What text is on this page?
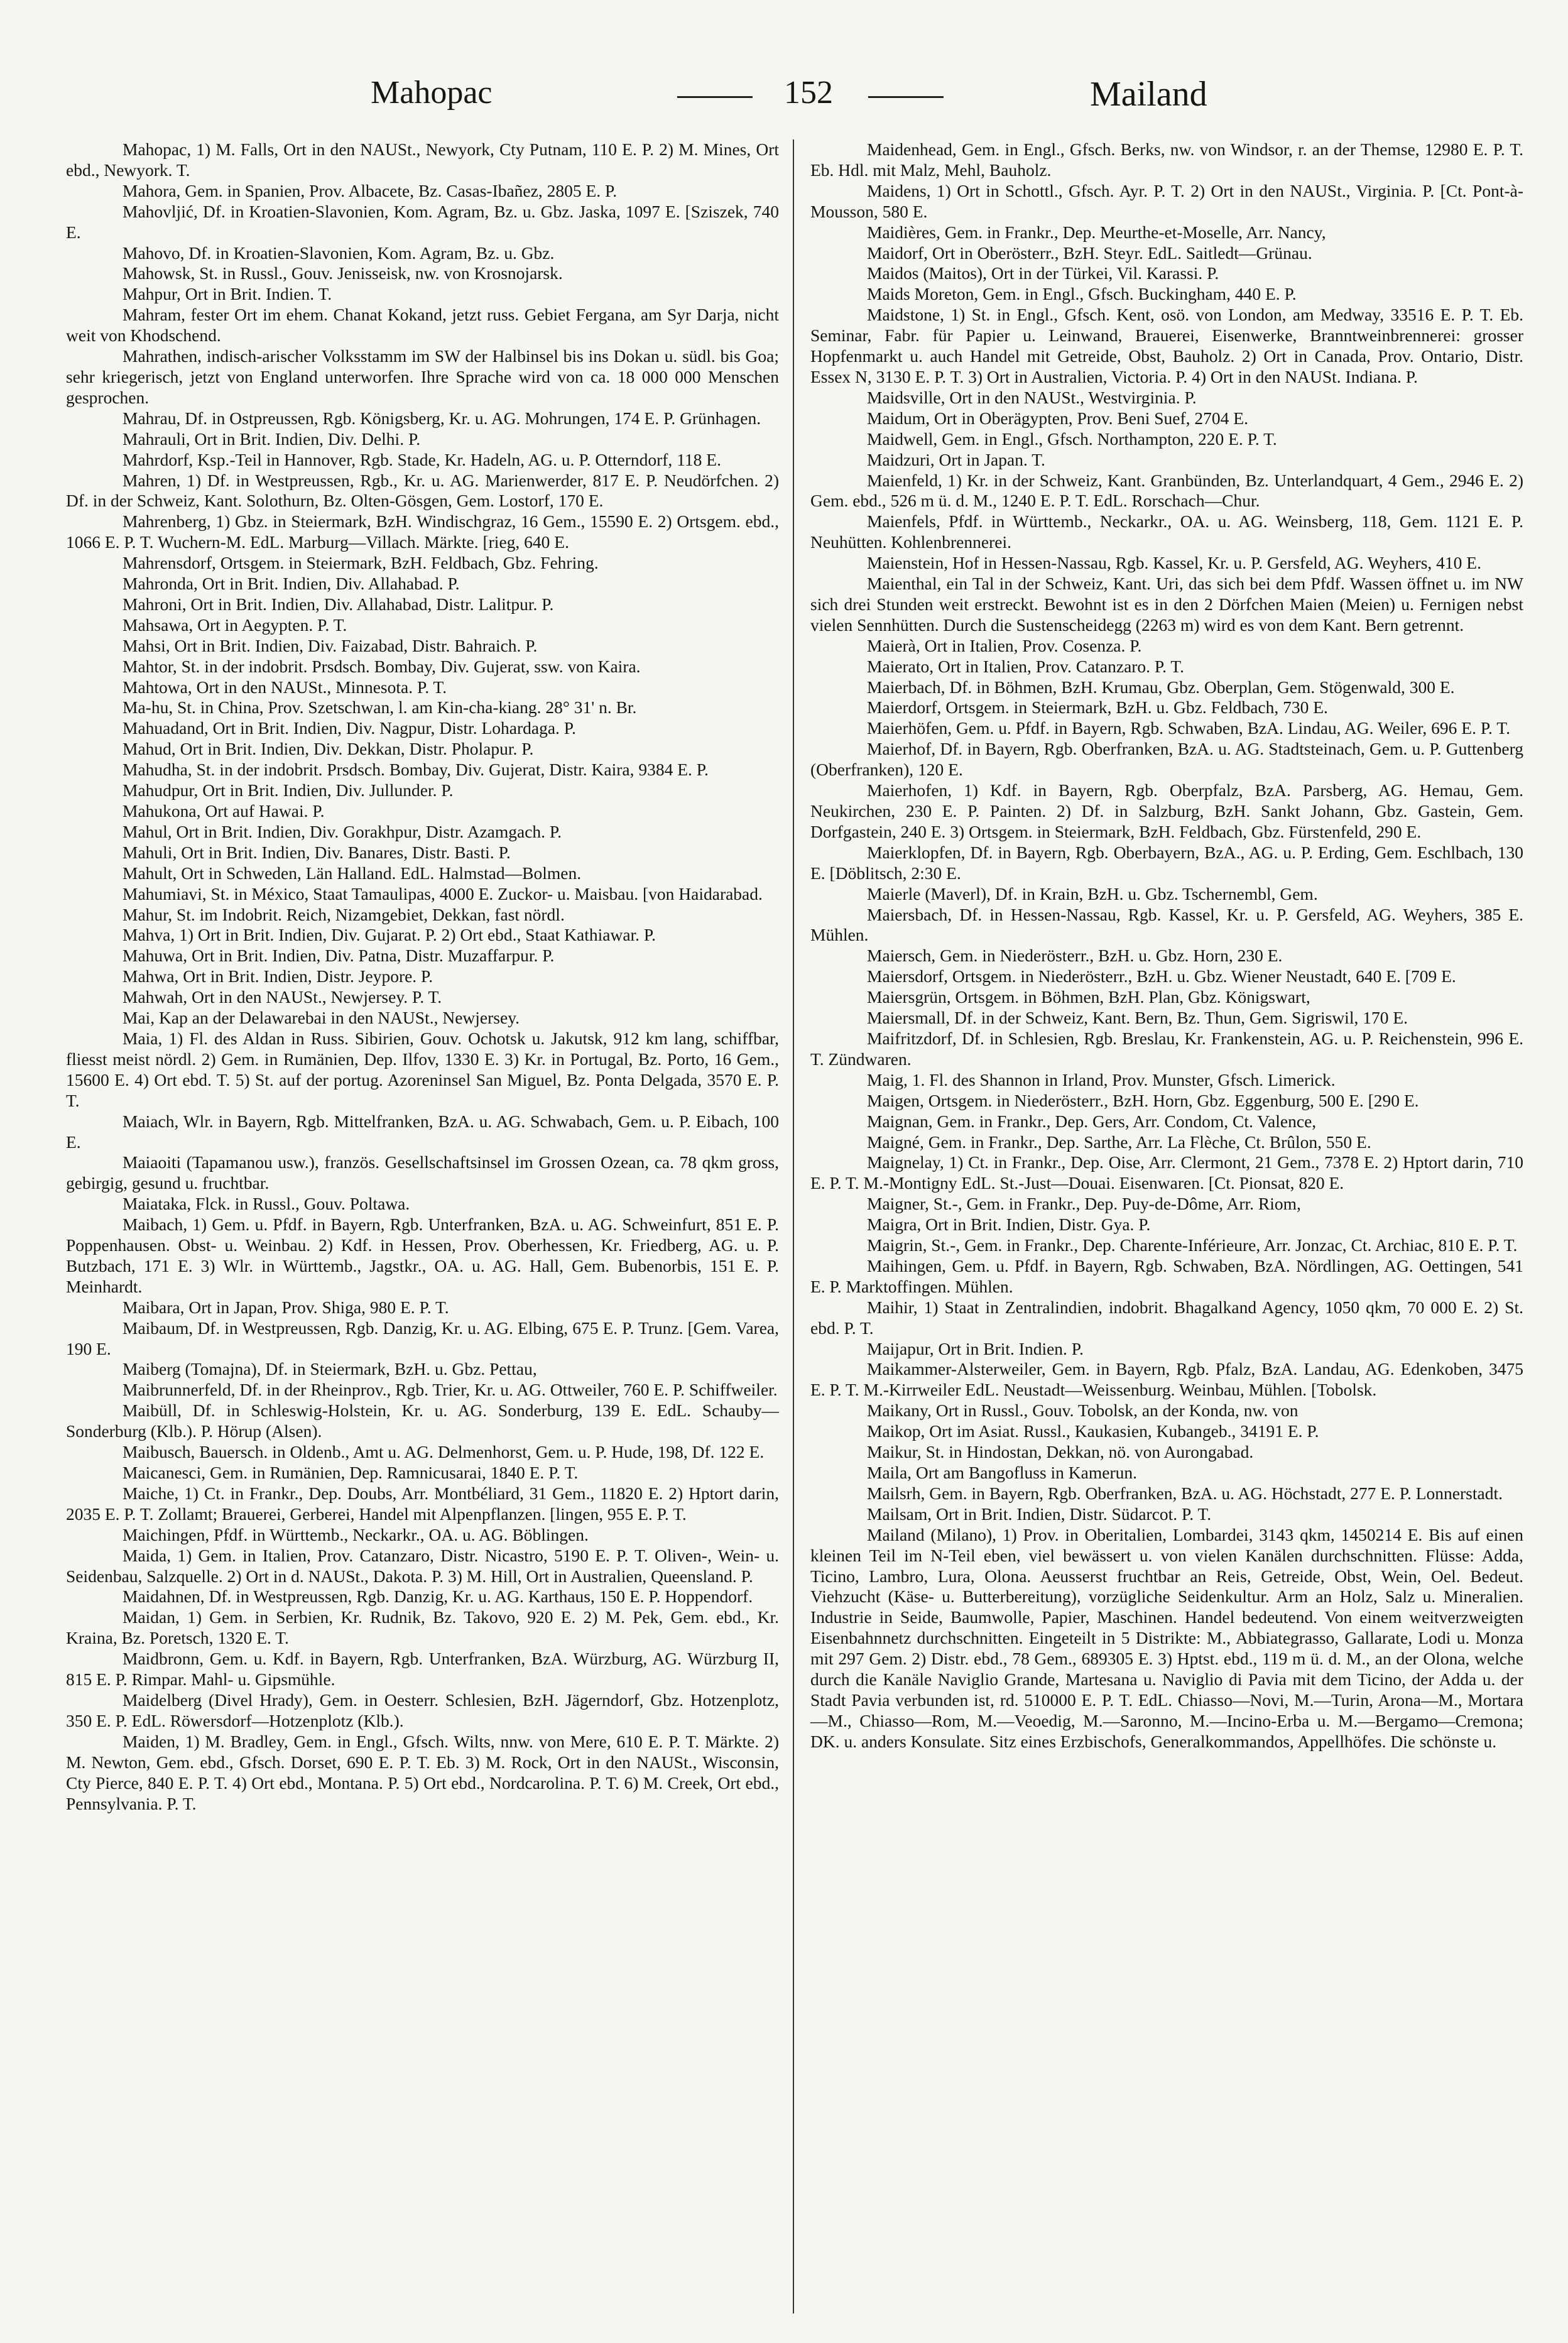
Mahopac	152	Mailand

Mahopac, 1) M. Falls, Ort in den NAUSt., Newyork, Cty Putnam, 110 E. P. 2) M. Mines, Ort ebd., Newyork. T.

Mahora, Gem. in Spanien, Prov. Albacete, Bz. Casas-Ibañez, 2805 E. P.

Mahovljić, Df. in Kroatien-Slavonien, Kom. Agram, Bz. u. Gbz. Jaska, 1097 E. [Sziszek, 740 E.

Mahovo, Df. in Kroatien-Slavonien, Kom. Agram, Bz. u. Gbz.

Mahowsk, St. in Russl., Gouv. Jenisseisk, nw. von Krosnojarsk.

Mahpur, Ort in Brit. Indien. T.

Mahram, fester Ort im ehem. Chanat Kokand, jetzt russ. Gebiet Fergana, am Syr Darja, nicht weit von Khodschend.

Mahrathen, indisch-arischer Volksstamm im SW der Halbinsel bis ins Dokan u. südl. bis Goa; sehr kriegerisch, jetzt von England unterworfen. Ihre Sprache wird von ca. 18 000 000 Menschen gesprochen.

Mahrau, Df. in Ostpreussen, Rgb. Königsberg, Kr. u. AG. Mohrungen, 174 E. P. Grünhagen.

Mahrauli, Ort in Brit. Indien, Div. Delhi. P.

Mahrdorf, Ksp.-Teil in Hannover, Rgb. Stade, Kr. Hadeln, AG. u. P. Otterndorf, 118 E.

Mahren, 1) Df. in Westpreussen, Rgb., Kr. u. AG. Marienwerder, 817 E. P. Neudörfchen. 2) Df. in der Schweiz, Kant. Solothurn, Bz. Olten-Gösgen, Gem. Lostorf, 170 E.

Mahrenberg, 1) Gbz. in Steiermark, BzH. Windischgraz, 16 Gem., 15590 E. 2) Ortsgem. ebd., 1066 E. P. T. Wuchern-M. EdL. Marburg—Villach. Märkte. [rieg, 640 E.

Mahrensdorf, Ortsgem. in Steiermark, BzH. Feldbach, Gbz. Fehring.

Mahronda, Ort in Brit. Indien, Div. Allahabad. P.

Mahroni, Ort in Brit. Indien, Div. Allahabad, Distr. Lalitpur. P.

Mahsawa, Ort in Aegypten. P. T.

Mahsi, Ort in Brit. Indien, Div. Faizabad, Distr. Bahraich. P.

Mahtor, St. in der indobrit. Prsdsch. Bombay, Div. Gujerat, ssw. von Kaira.

Mahtowa, Ort in den NAUSt., Minnesota. P. T.

Ma-hu, St. in China, Prov. Szetschwan, l. am Kin-cha-kiang. 28° 31' n. Br.

Mahuadand, Ort in Brit. Indien, Div. Nagpur, Distr. Lohardaga. P.

Mahud, Ort in Brit. Indien, Div. Dekkan, Distr. Pholapur. P.

Mahudha, St. in der indobrit. Prsdsch. Bombay, Div. Gujerat, Distr. Kaira, 9384 E. P.

Mahudpur, Ort in Brit. Indien, Div. Jullunder. P.

Mahukona, Ort auf Hawai. P.

Mahul, Ort in Brit. Indien, Div. Gorakhpur, Distr. Azamgach. P.

Mahuli, Ort in Brit. Indien, Div. Banares, Distr. Basti. P.

Mahult, Ort in Schweden, Län Halland. EdL. Halmstad—Bolmen.

Mahumiavi, St. in México, Staat Tamaulipas, 4000 E. Zuckor- u. Maisbau. [von Haidarabad.

Mahur, St. im Indobrit. Reich, Nizamgebiet, Dekkan, fast nördl.

Mahva, 1) Ort in Brit. Indien, Div. Gujarat. P. 2) Ort ebd., Staat Kathiawar. P.

Mahuwa, Ort in Brit. Indien, Div. Patna, Distr. Muzaffarpur. P.

Mahwa, Ort in Brit. Indien, Distr. Jeypore. P.

Mahwah, Ort in den NAUSt., Newjersey. P. T.

Mai, Kap an der Delawarebai in den NAUSt., Newjersey.

Maia, 1) Fl. des Aldan in Russ. Sibirien, Gouv. Ochotsk u. Jakutsk, 912 km lang, schiffbar, fliesst meist nördl. 2) Gem. in Rumänien, Dep. Ilfov, 1330 E. 3) Kr. in Portugal, Bz. Porto, 16 Gem., 15600 E. 4) Ort ebd. T. 5) St. auf der portug. Azoreninsel San Miguel, Bz. Ponta Delgada, 3570 E. P. T.

Maiach, Wlr. in Bayern, Rgb. Mittelfranken, BzA. u. AG. Schwabach, Gem. u. P. Eibach, 100 E.

Maiaoiti (Tapamanou usw.), französ. Gesellschaftsinsel im Grossen Ozean, ca. 78 qkm gross, gebirgig, gesund u. fruchtbar.

Maiataka, Flck. in Russl., Gouv. Poltawa.

Maibach, 1) Gem. u. Pfdf. in Bayern, Rgb. Unterfranken, BzA. u. AG. Schweinfurt, 851 E. P. Poppenhausen. Obst- u. Weinbau. 2) Kdf. in Hessen, Prov. Oberhessen, Kr. Friedberg, AG. u. P. Butzbach, 171 E. 3) Wlr. in Württemb., Jagstkr., OA. u. AG. Hall, Gem. Bubenorbis, 151 E. P. Meinhardt.

Maibara, Ort in Japan, Prov. Shiga, 980 E. P. T.

Maibaum, Df. in Westpreussen, Rgb. Danzig, Kr. u. AG. Elbing, 675 E. P. Trunz. [Gem. Varea, 190 E.

Maiberg (Tomajna), Df. in Steiermark, BzH. u. Gbz. Pettau,

Maibrunnerfeld, Df. in der Rheinprov., Rgb. Trier, Kr. u. AG. Ottweiler, 760 E. P. Schiffweiler.

Maibüll, Df. in Schleswig-Holstein, Kr. u. AG. Sonderburg, 139 E. EdL. Schauby—Sonderburg (Klb.). P. Hörup (Alsen).

Maibusch, Bauersch. in Oldenb., Amt u. AG. Delmenhorst, Gem. u. P. Hude, 198, Df. 122 E.

Maicanesci, Gem. in Rumänien, Dep. Ramnicusarai, 1840 E. P. T.

Maiche, 1) Ct. in Frankr., Dep. Doubs, Arr. Montbéliard, 31 Gem., 11820 E. 2) Hptort darin, 2035 E. P. T. Zollamt; Brauerei, Gerberei, Handel mit Alpenpflanzen. [lingen, 955 E. P. T.

Maichingen, Pfdf. in Württemb., Neckarkr., OA. u. AG. Böblingen.

Maida, 1) Gem. in Italien, Prov. Catanzaro, Distr. Nicastro, 5190 E. P. T. Oliven-, Wein- u. Seidenbau, Salzquelle. 2) Ort in d. NAUSt., Dakota. P. 3) M. Hill, Ort in Australien, Queensland. P.

Maidahnen, Df. in Westpreussen, Rgb. Danzig, Kr. u. AG. Karthaus, 150 E. P. Hoppendorf.

Maidan, 1) Gem. in Serbien, Kr. Rudnik, Bz. Takovo, 920 E. 2) M. Pek, Gem. ebd., Kr. Kraina, Bz. Poretsch, 1320 E. T.

Maidbronn, Gem. u. Kdf. in Bayern, Rgb. Unterfranken, BzA. Würzburg, AG. Würzburg II, 815 E. P. Rimpar. Mahl- u. Gipsmühle.

Maidelberg (Divel Hrady), Gem. in Oesterr. Schlesien, BzH. Jägerndorf, Gbz. Hotzenplotz, 350 E. P. EdL. Röwersdorf—Hotzenplotz (Klb.).

Maiden, 1) M. Bradley, Gem. in Engl., Gfsch. Wilts, nnw. von Mere, 610 E. P. T. Märkte. 2) M. Newton, Gem. ebd., Gfsch. Dorset, 690 E. P. T. Eb. 3) M. Rock, Ort in den NAUSt., Wisconsin, Cty Pierce, 840 E. P. T. 4) Ort ebd., Montana. P. 5) Ort ebd., Nordcarolina. P. T. 6) M. Creek, Ort ebd., Pennsylvania. P. T.

Maidenhead, Gem. in Engl., Gfsch. Berks, nw. von Windsor, r. an der Themse, 12980 E. P. T. Eb. Hdl. mit Malz, Mehl, Bauholz.

Maidens, 1) Ort in Schottl., Gfsch. Ayr. P. T. 2) Ort in den NAUSt., Virginia. P. [Ct. Pont-à-Mousson, 580 E.

Maidières, Gem. in Frankr., Dep. Meurthe-et-Moselle, Arr. Nancy,

Maidorf, Ort in Oberösterr., BzH. Steyr. EdL. Saitledt—Grünau.

Maidos (Maitos), Ort in der Türkei, Vil. Karassi. P.

Maids Moreton, Gem. in Engl., Gfsch. Buckingham, 440 E. P.

Maidstone, 1) St. in Engl., Gfsch. Kent, osö. von London, am Medway, 33516 E. P. T. Eb. Seminar, Fabr. für Papier u. Leinwand, Brauerei, Eisenwerke, Branntweinbrennerei: grosser Hopfenmarkt u. auch Handel mit Getreide, Obst, Bauholz. 2) Ort in Canada, Prov. Ontario, Distr. Essex N, 3130 E. P. T. 3) Ort in Australien, Victoria. P. 4) Ort in den NAUSt. Indiana. P.

Maidsville, Ort in den NAUSt., Westvirginia. P.

Maidum, Ort in Oberägypten, Prov. Beni Suef, 2704 E.

Maidwell, Gem. in Engl., Gfsch. Northampton, 220 E. P. T.

Maidzuri, Ort in Japan. T.

Maienfeld, 1) Kr. in der Schweiz, Kant. Granbünden, Bz. Unterlandquart, 4 Gem., 2946 E. 2) Gem. ebd., 526 m ü. d. M., 1240 E. P. T. EdL. Rorschach—Chur.

Maienfels, Pfdf. in Württemb., Neckarkr., OA. u. AG. Weinsberg, 118, Gem. 1121 E. P. Neuhütten. Kohlenbrennerei.

Maienstein, Hof in Hessen-Nassau, Rgb. Kassel, Kr. u. P. Gersfeld, AG. Weyhers, 410 E.

Maienthal, ein Tal in der Schweiz, Kant. Uri, das sich bei dem Pfdf. Wassen öffnet u. im NW sich drei Stunden weit erstreckt. Bewohnt ist es in den 2 Dörfchen Maien (Meien) u. Fernigen nebst vielen Sennhütten. Durch die Sustenscheidegg (2263 m) wird es von dem Kant. Bern getrennt.

Maierà, Ort in Italien, Prov. Cosenza. P.

Maierato, Ort in Italien, Prov. Catanzaro. P. T.

Maierbach, Df. in Böhmen, BzH. Krumau, Gbz. Oberplan, Gem. Stögenwald, 300 E.

Maierdorf, Ortsgem. in Steiermark, BzH. u. Gbz. Feldbach, 730 E.

Maierhöfen, Gem. u. Pfdf. in Bayern, Rgb. Schwaben, BzA. Lindau, AG. Weiler, 696 E. P. T.

Maierhof, Df. in Bayern, Rgb. Oberfranken, BzA. u. AG. Stadtsteinach, Gem. u. P. Guttenberg (Oberfranken), 120 E.

Maierhofen, 1) Kdf. in Bayern, Rgb. Oberpfalz, BzA. Parsberg, AG. Hemau, Gem. Neukirchen, 230 E. P. Painten. 2) Df. in Salzburg, BzH. Sankt Johann, Gbz. Gastein, Gem. Dorfgastein, 240 E. 3) Ortsgem. in Steiermark, BzH. Feldbach, Gbz. Fürstenfeld, 290 E.

Maierklopfen, Df. in Bayern, Rgb. Oberbayern, BzA., AG. u. P. Erding, Gem. Eschlbach, 130 E. [Döblitsch, 2:30 E.

Maierle (Maverl), Df. in Krain, BzH. u. Gbz. Tschernembl, Gem.

Maiersbach, Df. in Hessen-Nassau, Rgb. Kassel, Kr. u. P. Gersfeld, AG. Weyhers, 385 E. Mühlen.

Maiersch, Gem. in Niederösterr., BzH. u. Gbz. Horn, 230 E.

Maiersdorf, Ortsgem. in Niederösterr., BzH. u. Gbz. Wiener Neustadt, 640 E. [709 E.

Maiersgrün, Ortsgem. in Böhmen, BzH. Plan, Gbz. Königswart,

Maiersmall, Df. in der Schweiz, Kant. Bern, Bz. Thun, Gem. Sigriswil, 170 E.

Maifritzdorf, Df. in Schlesien, Rgb. Breslau, Kr. Frankenstein, AG. u. P. Reichenstein, 996 E. T. Zündwaren.

Maig, 1. Fl. des Shannon in Irland, Prov. Munster, Gfsch. Limerick.

Maigen, Ortsgem. in Niederösterr., BzH. Horn, Gbz. Eggenburg, 500 E. [290 E.

Maignan, Gem. in Frankr., Dep. Gers, Arr. Condom, Ct. Valence,

Maigné, Gem. in Frankr., Dep. Sarthe, Arr. La Flèche, Ct. Brûlon, 550 E.

Maignelay, 1) Ct. in Frankr., Dep. Oise, Arr. Clermont, 21 Gem., 7378 E. 2) Hptort darin, 710 E. P. T. M.-Montigny EdL. St.-Just—Douai. Eisenwaren. [Ct. Pionsat, 820 E.

Maigner, St.-, Gem. in Frankr., Dep. Puy-de-Dôme, Arr. Riom,

Maigra, Ort in Brit. Indien, Distr. Gya. P.

Maigrin, St.-, Gem. in Frankr., Dep. Charente-Inférieure, Arr. Jonzac, Ct. Archiac, 810 E. P. T.

Maihingen, Gem. u. Pfdf. in Bayern, Rgb. Schwaben, BzA. Nördlingen, AG. Oettingen, 541 E. P. Marktoffingen. Mühlen.

Maihir, 1) Staat in Zentralindien, indobrit. Bhagalkand Agency, 1050 qkm, 70 000 E. 2) St. ebd. P. T.

Maijapur, Ort in Brit. Indien. P.

Maikammer-Alsterweiler, Gem. in Bayern, Rgb. Pfalz, BzA. Landau, AG. Edenkoben, 3475 E. P. T. M.-Kirrweiler EdL. Neustadt—Weissenburg. Weinbau, Mühlen. [Tobolsk.

Maikany, Ort in Russl., Gouv. Tobolsk, an der Konda, nw. von

Maikop, Ort im Asiat. Russl., Kaukasien, Kubangeb., 34191 E. P.

Maikur, St. in Hindostan, Dekkan, nö. von Aurongabad.

Maila, Ort am Bangofluss in Kamerun.

Mailsrh, Gem. in Bayern, Rgb. Oberfranken, BzA. u. AG. Höchstadt, 277 E. P. Lonnerstadt.

Mailsam, Ort in Brit. Indien, Distr. Südarcot. P. T.

Mailand (Milano), 1) Prov. in Oberitalien, Lombardei, 3143 qkm, 1450214 E. Bis auf einen kleinen Teil im N-Teil eben, viel bewässert u. von vielen Kanälen durchschnitten. Flüsse: Adda, Ticino, Lambro, Lura, Olona. Aeusserst fruchtbar an Reis, Getreide, Obst, Wein, Oel. Bedeut. Viehzucht (Käse- u. Butterbereitung), vorzügliche Seidenkultur. Arm an Holz, Salz u. Mineralien. Industrie in Seide, Baumwolle, Papier, Maschinen. Handel bedeutend. Von einem weitverzweigten Eisenbahnnetz durchschnitten. Eingeteilt in 5 Distrikte: M., Abbiategrasso, Gallarate, Lodi u. Monza mit 297 Gem. 2) Distr. ebd., 78 Gem., 689305 E. 3) Hptst. ebd., 119 m ü. d. M., an der Olona, welche durch die Kanäle Naviglio Grande, Martesana u. Naviglio di Pavia mit dem Ticino, der Adda u. der Stadt Pavia verbunden ist, rd. 510000 E. P. T. EdL. Chiasso—Novi, M.—Turin, Arona—M., Mortara—M., Chiasso—Rom, M.—Veoedig, M.—Saronno, M.—Incino-Erba u. M.—Bergamo—Cremona; DK. u. anders Konsulate. Sitz eines Erzbischofs, Generalkommandos, Appellhöfes. Die schönste u.
